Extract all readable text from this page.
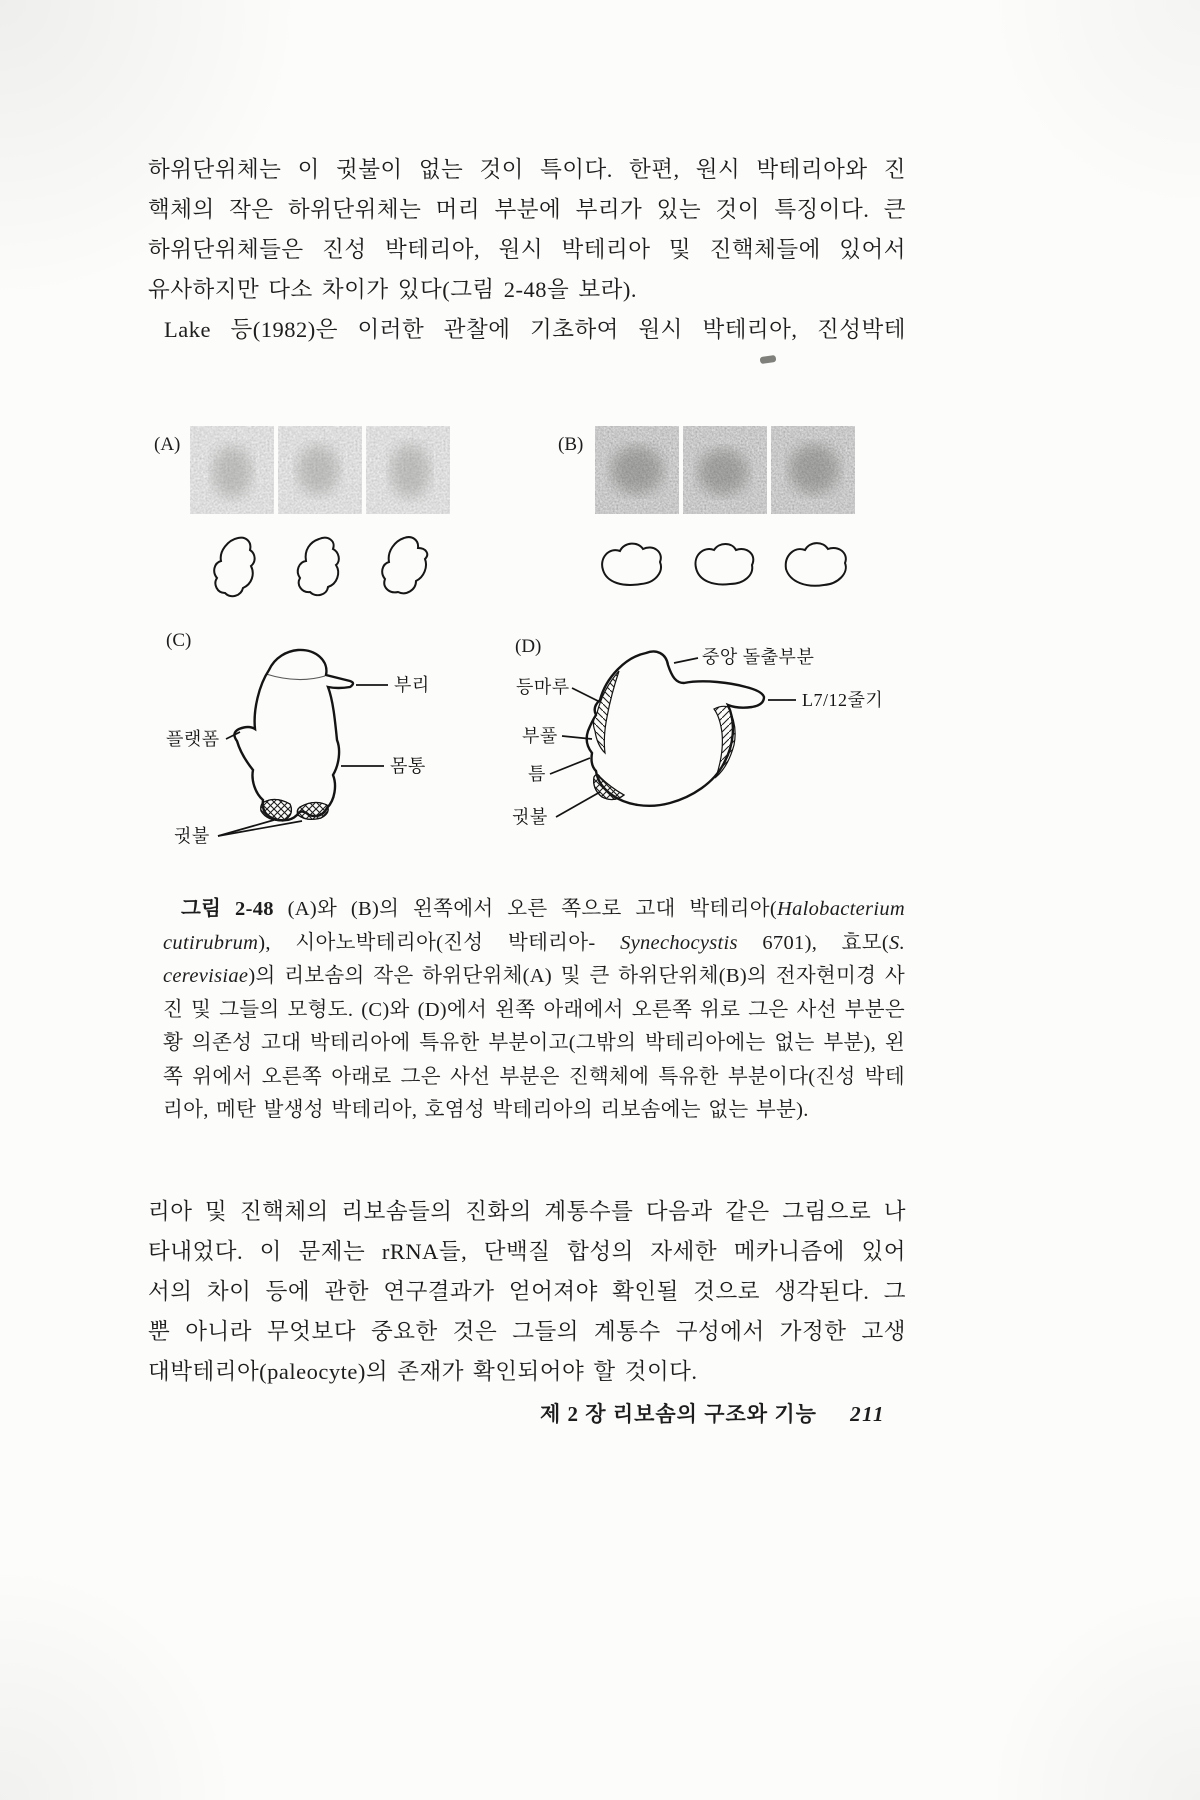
하위단위체는 이 귓불이 없는 것이 특이다. 한편, 원시 박테리아와 진
핵체의 작은 하위단위체는 머리 부분에 부리가 있는 것이 특징이다. 큰
하위단위체들은 진성 박테리아, 원시 박테리아 및 진핵체들에 있어서
유사하지만 다소 차이가 있다(그림 2-48을 보라).
Lake 등(1982)은 이러한 관찰에 기초하여 원시 박테리아, 진성박테
(A)	(B)
(C)	(D)
부리
플랫폼
몸통
귓불
중앙 돌출부분
L7/12줄기
등마루
부풀
틈
귓불

그림 2-48 (A)와 (B)의 왼쪽에서 오른 쪽으로 고대 박테리아(Halobacterium cutirubrum), 시아노박테리아(진성 박테리아- Synechocystis 6701), 효모(S. cerevisiae)의 리보솜의 작은 하위단위체(A) 및 큰 하위단위체(B)의 전자현미경 사진 및 그들의 모형도. (C)와 (D)에서 왼쪽 아래에서 오른쪽 위로 그은 사선 부분은 황 의존성 고대 박테리아에 특유한 부분이고(그밖의 박테리아에는 없는 부분), 왼쪽 위에서 오른쪽 아래로 그은 사선 부분은 진핵체에 특유한 부분이다(진성 박테리아, 메탄 발생성 박테리아, 호염성 박테리아의 리보솜에는 없는 부분).

리아 및 진핵체의 리보솜들의 진화의 계통수를 다음과 같은 그림으로 나
타내었다. 이 문제는 rRNA들, 단백질 합성의 자세한 메카니즘에 있어
서의 차이 등에 관한 연구결과가 얻어져야 확인될 것으로 생각된다. 그
뿐 아니라 무엇보다 중요한 것은 그들의 계통수 구성에서 가정한 고생
대박테리아(paleocyte)의 존재가 확인되어야 할 것이다.
제 2 장 리보솜의 구조와 기능 211
